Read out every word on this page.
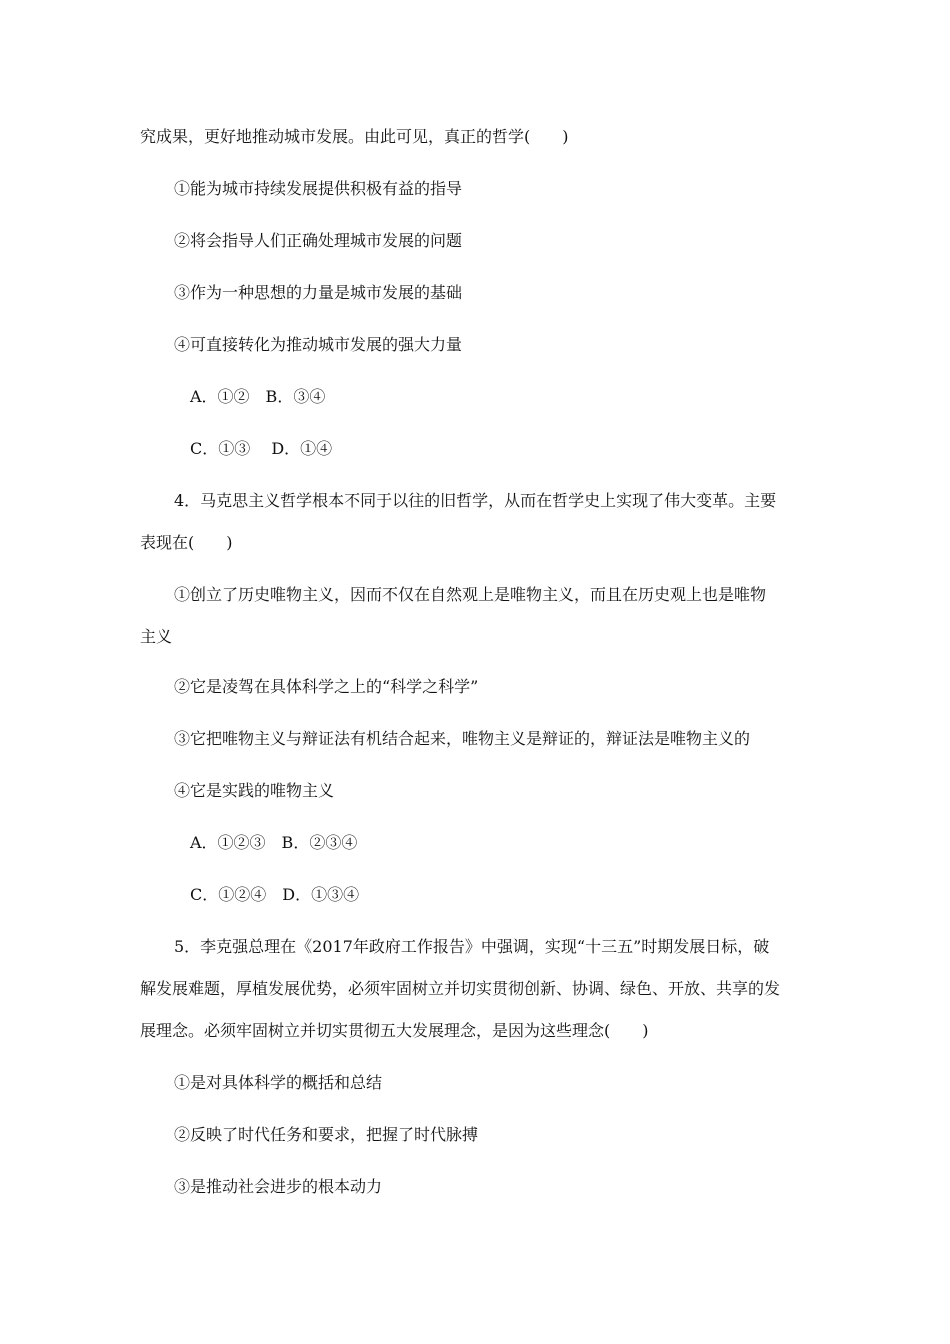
究成果，更好地推动城市发展。由此可见，真正的哲学(　　)
①能为城市持续发展提供积极有益的指导
②将会指导人们正确处理城市发展的问题
③作为一种思想的力量是城市发展的基础
④可直接转化为推动城市发展的强大力量
A．①②　B．③④
C．①③　 D．①④
4．马克思主义哲学根本不同于以往的旧哲学，从而在哲学史上实现了伟大变革。主要
表现在(　　)
①创立了历史唯物主义，因而不仅在自然观上是唯物主义，而且在历史观上也是唯物
主义
②它是凌驾在具体科学之上的“科学之科学”
③它把唯物主义与辩证法有机结合起来，唯物主义是辩证的，辩证法是唯物主义的
④它是实践的唯物主义
A．①②③　B．②③④
C．①②④　D．①③④
5．李克强总理在《2017年政府工作报告》中强调，实现“十三五”时期发展日标，破
解发展难题，厚植发展优势，必须牢固树立并切实贯彻创新、协调、绿色、开放、共享的发
展理念。必须牢固树立并切实贯彻五大发展理念，是因为这些理念(　　)
①是对具体科学的概括和总结
②反映了时代任务和要求，把握了时代脉搏
③是推动社会进步的根本动力
